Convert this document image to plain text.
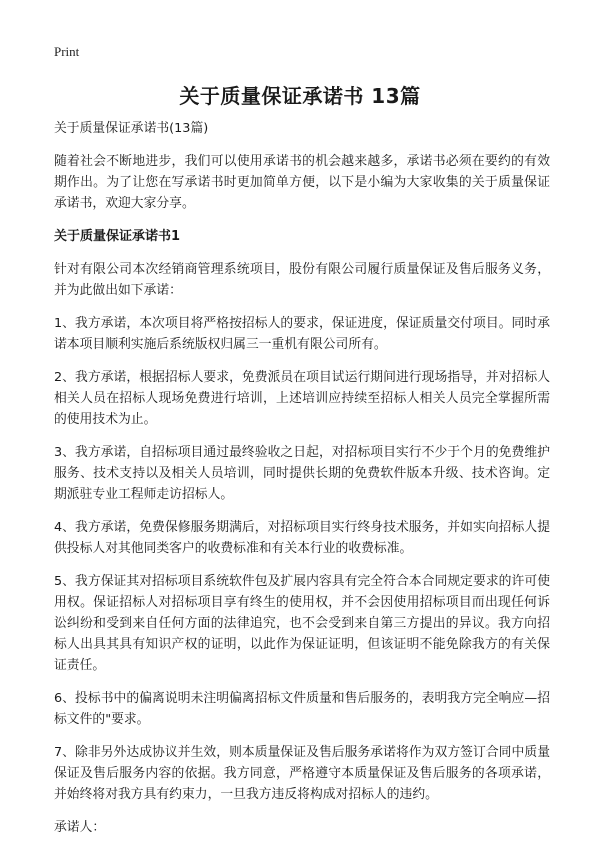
Print
关于质量保证承诺书 13篇

关于质量保证承诺书(13篇)

随着社会不断地进步，我们可以使用承诺书的机会越来越多，承诺书必须在要约的有效期作出。为了让您在写承诺书时更加简单方便，以下是小编为大家收集的关于质量保证承诺书，欢迎大家分享。

关于质量保证承诺书1

针对有限公司本次经销商管理系统项目，股份有限公司履行质量保证及售后服务义务，并为此做出如下承诺：

1、我方承诺，本次项目将严格按招标人的要求，保证进度，保证质量交付项目。同时承诺本项目顺利实施后系统版权归属三一重机有限公司所有。

2、我方承诺，根据招标人要求，免费派员在项目试运行期间进行现场指导，并对招标人相关人员在招标人现场免费进行培训，上述培训应持续至招标人相关人员完全掌握所需的使用技术为止。

3、我方承诺，自招标项目通过最终验收之日起，对招标项目实行不少于个月的免费维护服务、技术支持以及相关人员培训，同时提供长期的免费软件版本升级、技术咨询。定期派驻专业工程师走访招标人。

4、我方承诺，免费保修服务期满后，对招标项目实行终身技术服务，并如实向招标人提供投标人对其他同类客户的收费标准和有关本行业的收费标准。

5、我方保证其对招标项目系统软件包及扩展内容具有完全符合本合同规定要求的许可使用权。保证招标人对招标项目享有终生的使用权，并不会因使用招标项目而出现任何诉讼纠纷和受到来自任何方面的法律追究，也不会受到来自第三方提出的异议。我方向招标人出具其具有知识产权的证明，以此作为保证证明，但该证明不能免除我方的有关保证责任。

6、投标书中的偏离说明未注明偏离招标文件质量和售后服务的，表明我方完全响应—招标文件的"要求。

7、除非另外达成协议并生效，则本质量保证及售后服务承诺将作为双方签订合同中质量保证及售后服务内容的依据。我方同意，严格遵守本质量保证及售后服务的各项承诺，并始终将对我方具有约束力，一旦我方违反将构成对招标人的违约。

承诺人：
